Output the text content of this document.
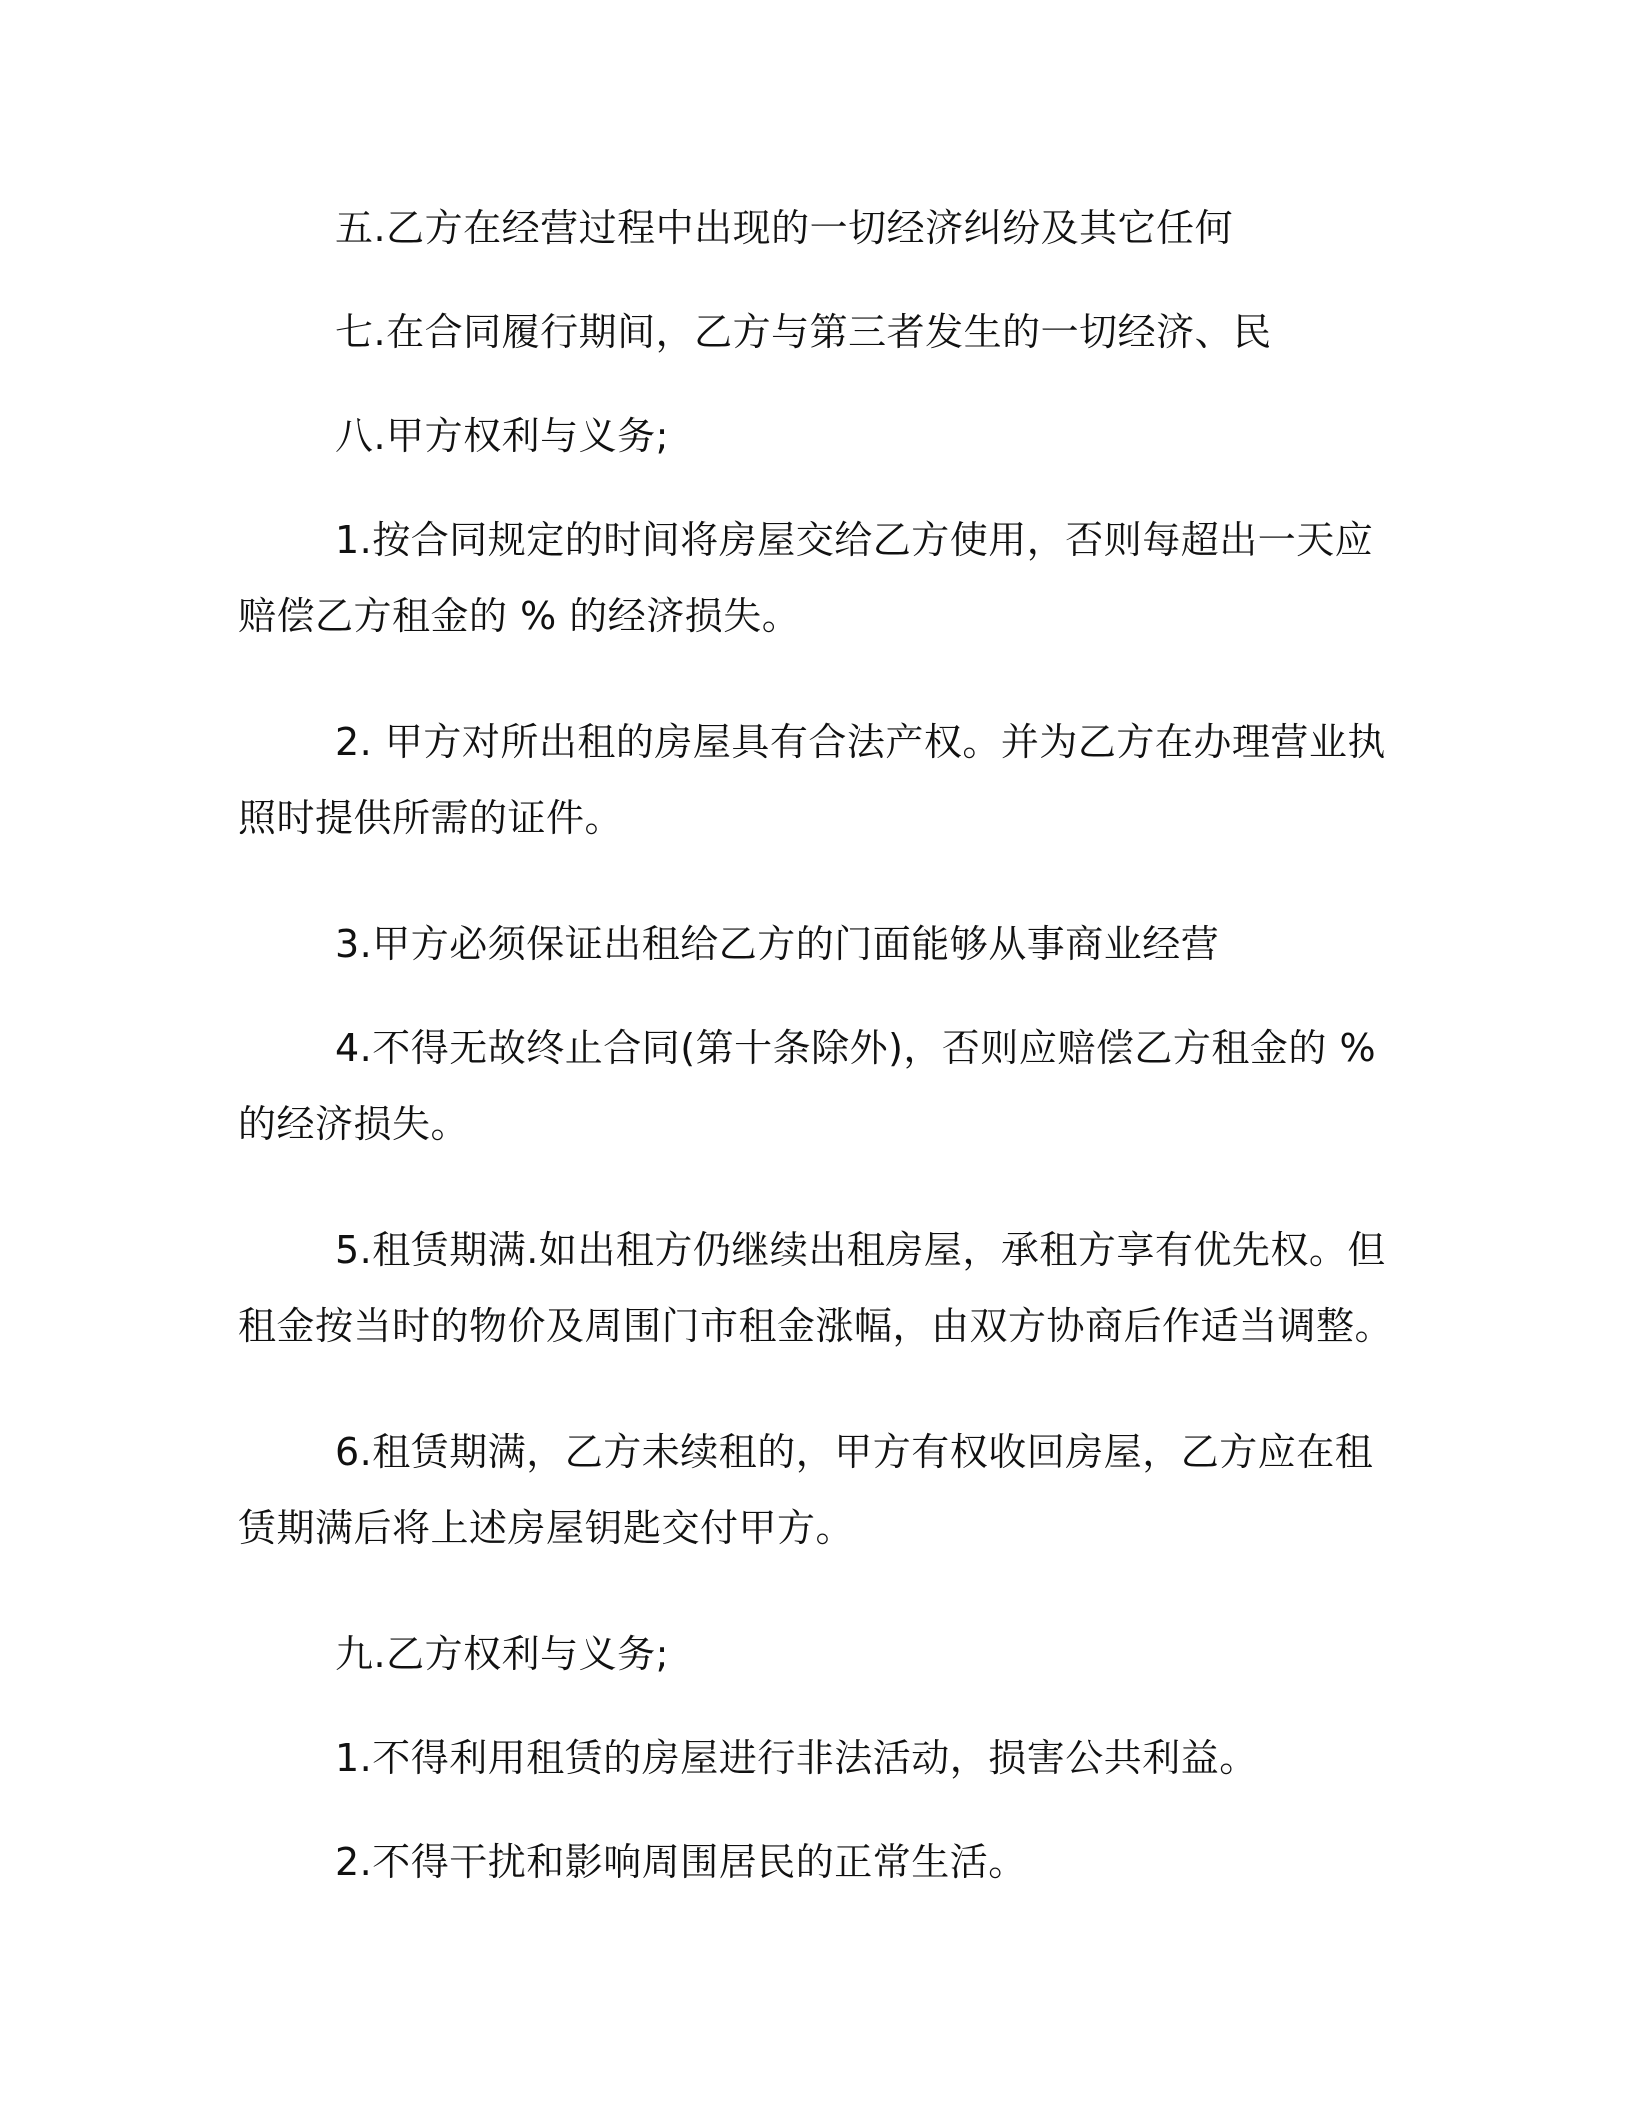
五.乙方在经营过程中出现的一切经济纠纷及其它任何

七.在合同履行期间，乙方与第三者发生的一切经济、民

八.甲方权利与义务;

1.按合同规定的时间将房屋交给乙方使用，否则每超出一天应赔偿乙方租金的 % 的经济损失。

2. 甲方对所出租的房屋具有合法产权。并为乙方在办理营业执照时提供所需的证件。

3.甲方必须保证出租给乙方的门面能够从事商业经营

4.不得无故终止合同(第十条除外)，否则应赔偿乙方租金的 %的经济损失。

5.租赁期满.如出租方仍继续出租房屋，承租方享有优先权。但租金按当时的物价及周围门市租金涨幅，由双方协商后作适当调整。

6.租赁期满，乙方未续租的，甲方有权收回房屋，乙方应在租赁期满后将上述房屋钥匙交付甲方。

九.乙方权利与义务;

1.不得利用租赁的房屋进行非法活动，损害公共利益。

2.不得干扰和影响周围居民的正常生活。
